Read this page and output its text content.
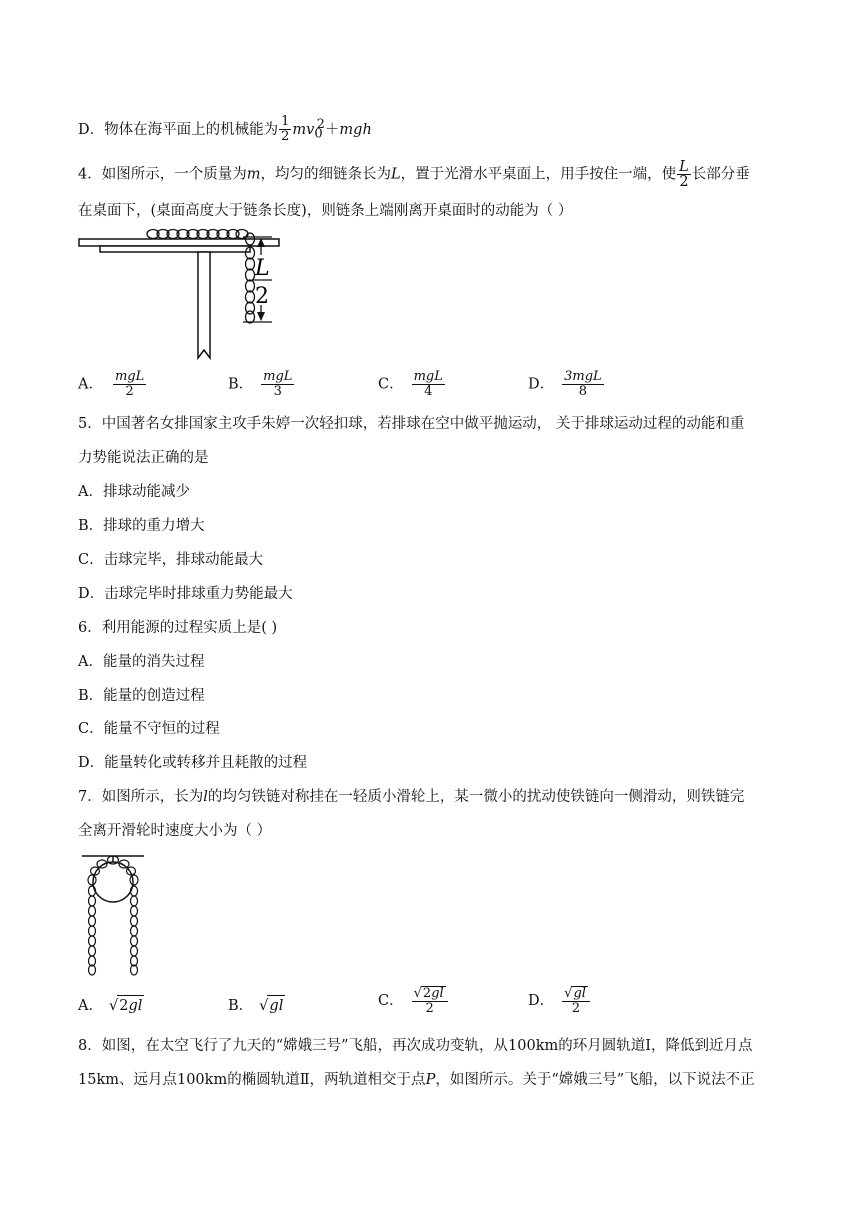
D．物体在海平面上的机械能为 $\frac{1}{2} mv_0^2+mgh$
4．如图所示，一个质量为m，均匀的细链条长为L，置于光滑水平桌面上，用手按住一端，使 $\frac{L}{2}$ 长部分垂
在桌面下，(桌面高度大于链条长度)，则链条上端刚离开桌面时的动能为（ ）
L
2
A． $\frac{\text{mgL}}{2}$	B． $\frac{\text{mgL}}{3}$	C． $\frac{\text{mgL}}{4}$	D． $\frac{\text{3mgL}}{8}$
5．中国著名女排国家主攻手朱婷一次轻扣球，若排球在空中做平抛运动， 关于排球运动过程的动能和重
力势能说法正确的是
A．排球动能减少
B．排球的重力增大
C．击球完毕，排球动能最大
D．击球完毕时排球重力势能最大
6．利用能源的过程实质上是( )
A．能量的消失过程
B．能量的创造过程
C．能量不守恒的过程
D．能量转化或转移并且耗散的过程
7．如图所示，长为l的均匀铁链对称挂在一轻质小滑轮上，某一微小的扰动使铁链向一侧滑动，则铁链完
全离开滑轮时速度大小为（ ）
A． √2gl	B． √gl	C． $\frac{√2gl}{2}$	D． $\frac{√gl}{2}$
8．如图，在太空飞行了九天的“嫦娥三号”飞船，再次成功变轨，从100km的环月圆轨道Ⅰ，降低到近月点
15km、远月点100km的椭圆轨道Ⅱ，两轨道相交于点P，如图所示。关于“嫦娥三号”飞船，以下说法不正
